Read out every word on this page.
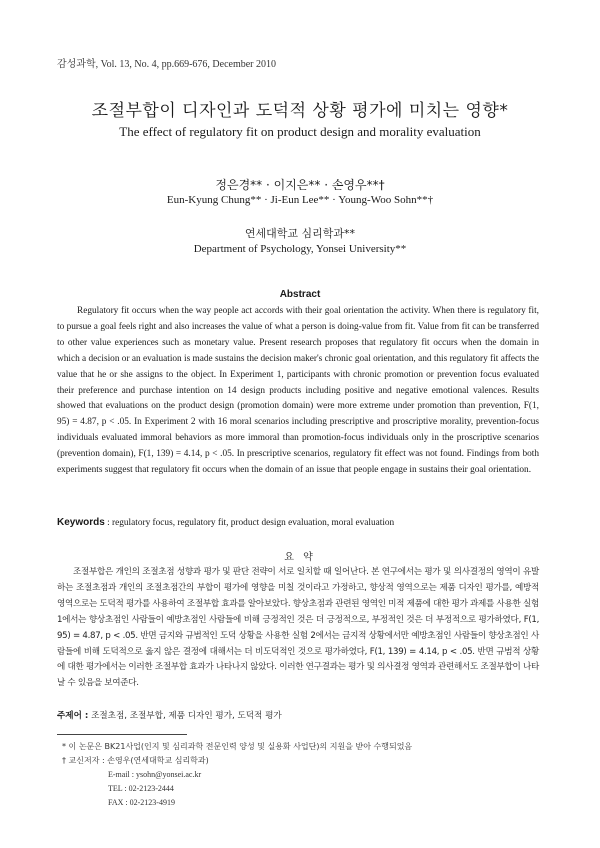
감성과학, Vol. 13, No. 4, pp.669-676, December 2010
조절부합이 디자인과 도덕적 상황 평가에 미치는 영향*
The effect of regulatory fit on product design and morality evaluation
정은경** · 이지은** · 손영우**†
Eun-Kyung Chung** · Ji-Eun Lee** · Young-Woo Sohn**†
연세대학교 심리학과**
Department of Psychology, Yonsei University**
Abstract

Regulatory fit occurs when the way people act accords with their goal orientation the activity. When there is regulatory fit, to pursue a goal feels right and also increases the value of what a person is doing-value from fit. Value from fit can be transferred to other value experiences such as monetary value. Present research proposes that regulatory fit occurs when the domain in which a decision or an evaluation is made sustains the decision maker's chronic goal orientation, and this regulatory fit affects the value that he or she assigns to the object. In Experiment 1, participants with chronic promotion or prevention focus evaluated their preference and purchase intention on 14 design products including positive and negative emotional valences. Results showed that evaluations on the product design (promotion domain) were more extreme under promotion than prevention, F(1, 95) = 4.87, p < .05. In Experiment 2 with 16 moral scenarios including prescriptive and proscriptive morality, prevention-focus individuals evaluated immoral behaviors as more immoral than promotion-focus individuals only in the proscriptive scenarios (prevention domain), F(1, 139) = 4.14, p < .05. In prescriptive scenarios, regulatory fit effect was not found. Findings from both experiments suggest that regulatory fit occurs when the domain of an issue that people engage in sustains their goal orientation.

Keywords : regulatory focus, regulatory fit, product design evaluation, moral evaluation
요 약

조절부합은 개인의 조절초점 성향과 평가 및 판단 전략이 서로 일치할 때 일어난다. 본 연구에서는 평가 및 의사결정의 영역이 유발하는 조절초점과 개인의 조절초점간의 부합이 평가에 영향을 미칠 것이라고 가정하고, 향상적 영역으로는 제품 디자인 평가를, 예방적 영역으로는 도덕적 평가를 사용하여 조절부합 효과를 알아보았다. 향상초점과 관련된 영역인 미적 제품에 대한 평가 과제를 사용한 실험 1에서는 향상초점인 사람들이 예방초점인 사람들에 비해 긍정적인 것은 더 긍정적으로, 부정적인 것은 더 부정적으로 평가하였다, F(1, 95) = 4.87, p < .05. 반면 금지와 규범적인 도덕 상황을 사용한 실험 2에서는 금지적 상황에서만 예방초점인 사람들이 향상초점인 사람들에 비해 도덕적으로 옳지 않은 결정에 대해서는 더 비도덕적인 것으로 평가하였다, F(1, 139) = 4.14, p < .05. 반면 규범적 상황에 대한 평가에서는 이러한 조절부합 효과가 나타나지 않았다. 이러한 연구결과는 평가 및 의사결정 영역과 관련해서도 조절부합이 나타날 수 있음을 보여준다.

주제어 : 조절초점, 조절부합, 제품 디자인 평가, 도덕적 평가
* 이 논문은 BK21사업(인지 및 심리과학 전문인력 양성 및 실용화 사업단)의 지원을 받아 수행되었음
† 교신저자 : 손영우(연세대학교 심리학과)
E-mail : ysohn@yonsei.ac.kr
TEL : 02-2123-2444
FAX : 02-2123-4919
